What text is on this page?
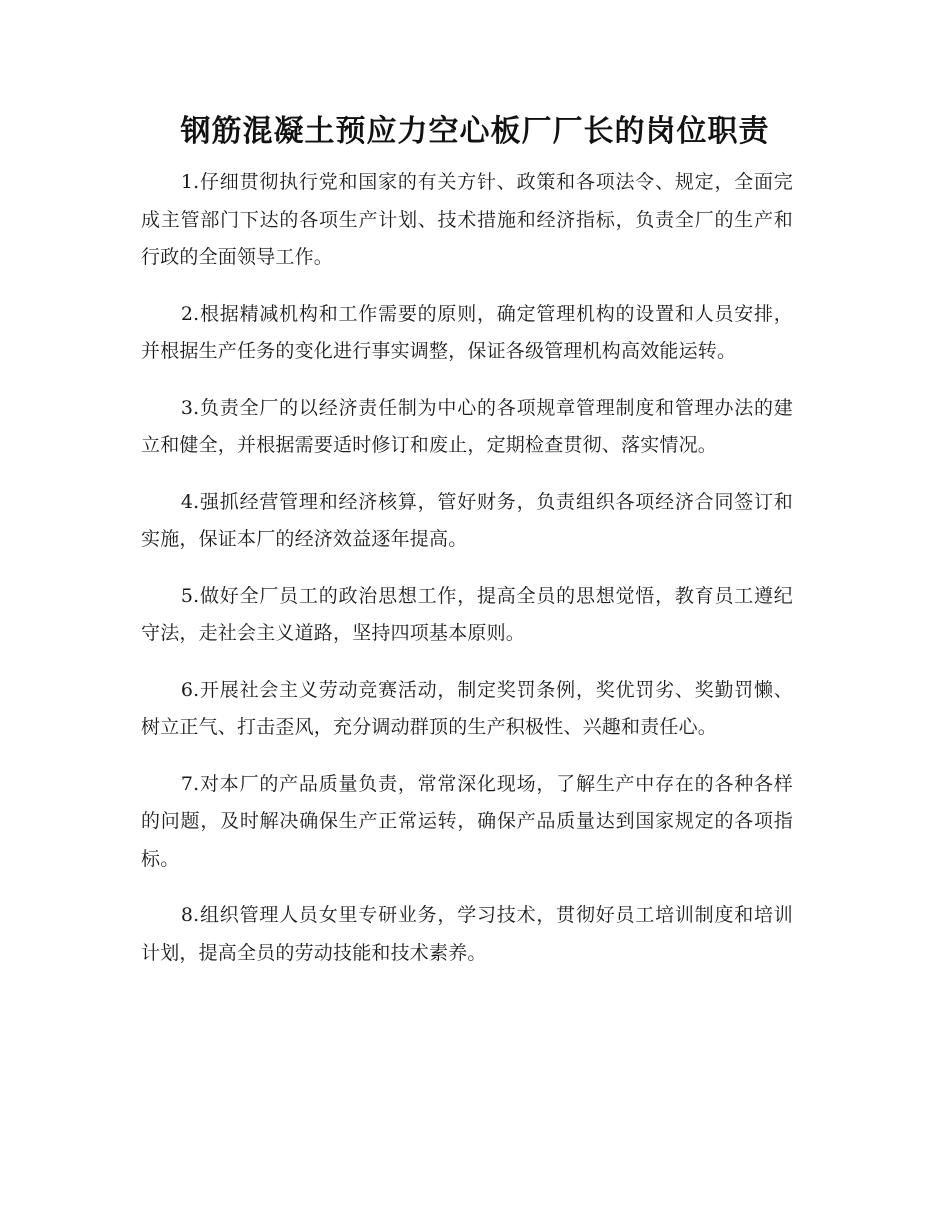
钢筋混凝土预应力空心板厂厂长的岗位职责

1.仔细贯彻执行党和国家的有关方针、政策和各项法令、规定，全面完成主管部门下达的各项生产计划、技术措施和经济指标，负责全厂的生产和行政的全面领导工作。

2.根据精减机构和工作需要的原则，确定管理机构的设置和人员安排，并根据生产任务的变化进行事实调整，保证各级管理机构高效能运转。

3.负责全厂的以经济责任制为中心的各项规章管理制度和管理办法的建立和健全，并根据需要适时修订和废止，定期检查贯彻、落实情况。

4.强抓经营管理和经济核算，管好财务，负责组织各项经济合同签订和实施，保证本厂的经济效益逐年提高。

5.做好全厂员工的政治思想工作，提高全员的思想觉悟，教育员工遵纪守法，走社会主义道路，坚持四项基本原则。

6.开展社会主义劳动竞赛活动，制定奖罚条例，奖优罚劣、奖勤罚懒、树立正气、打击歪风，充分调动群顶的生产积极性、兴趣和责任心。

7.对本厂的产品质量负责，常常深化现场，了解生产中存在的各种各样的问题，及时解决确保生产正常运转，确保产品质量达到国家规定的各项指标。

8.组织管理人员女里专研业务，学习技术，贯彻好员工培训制度和培训计划，提高全员的劳动技能和技术素养。
